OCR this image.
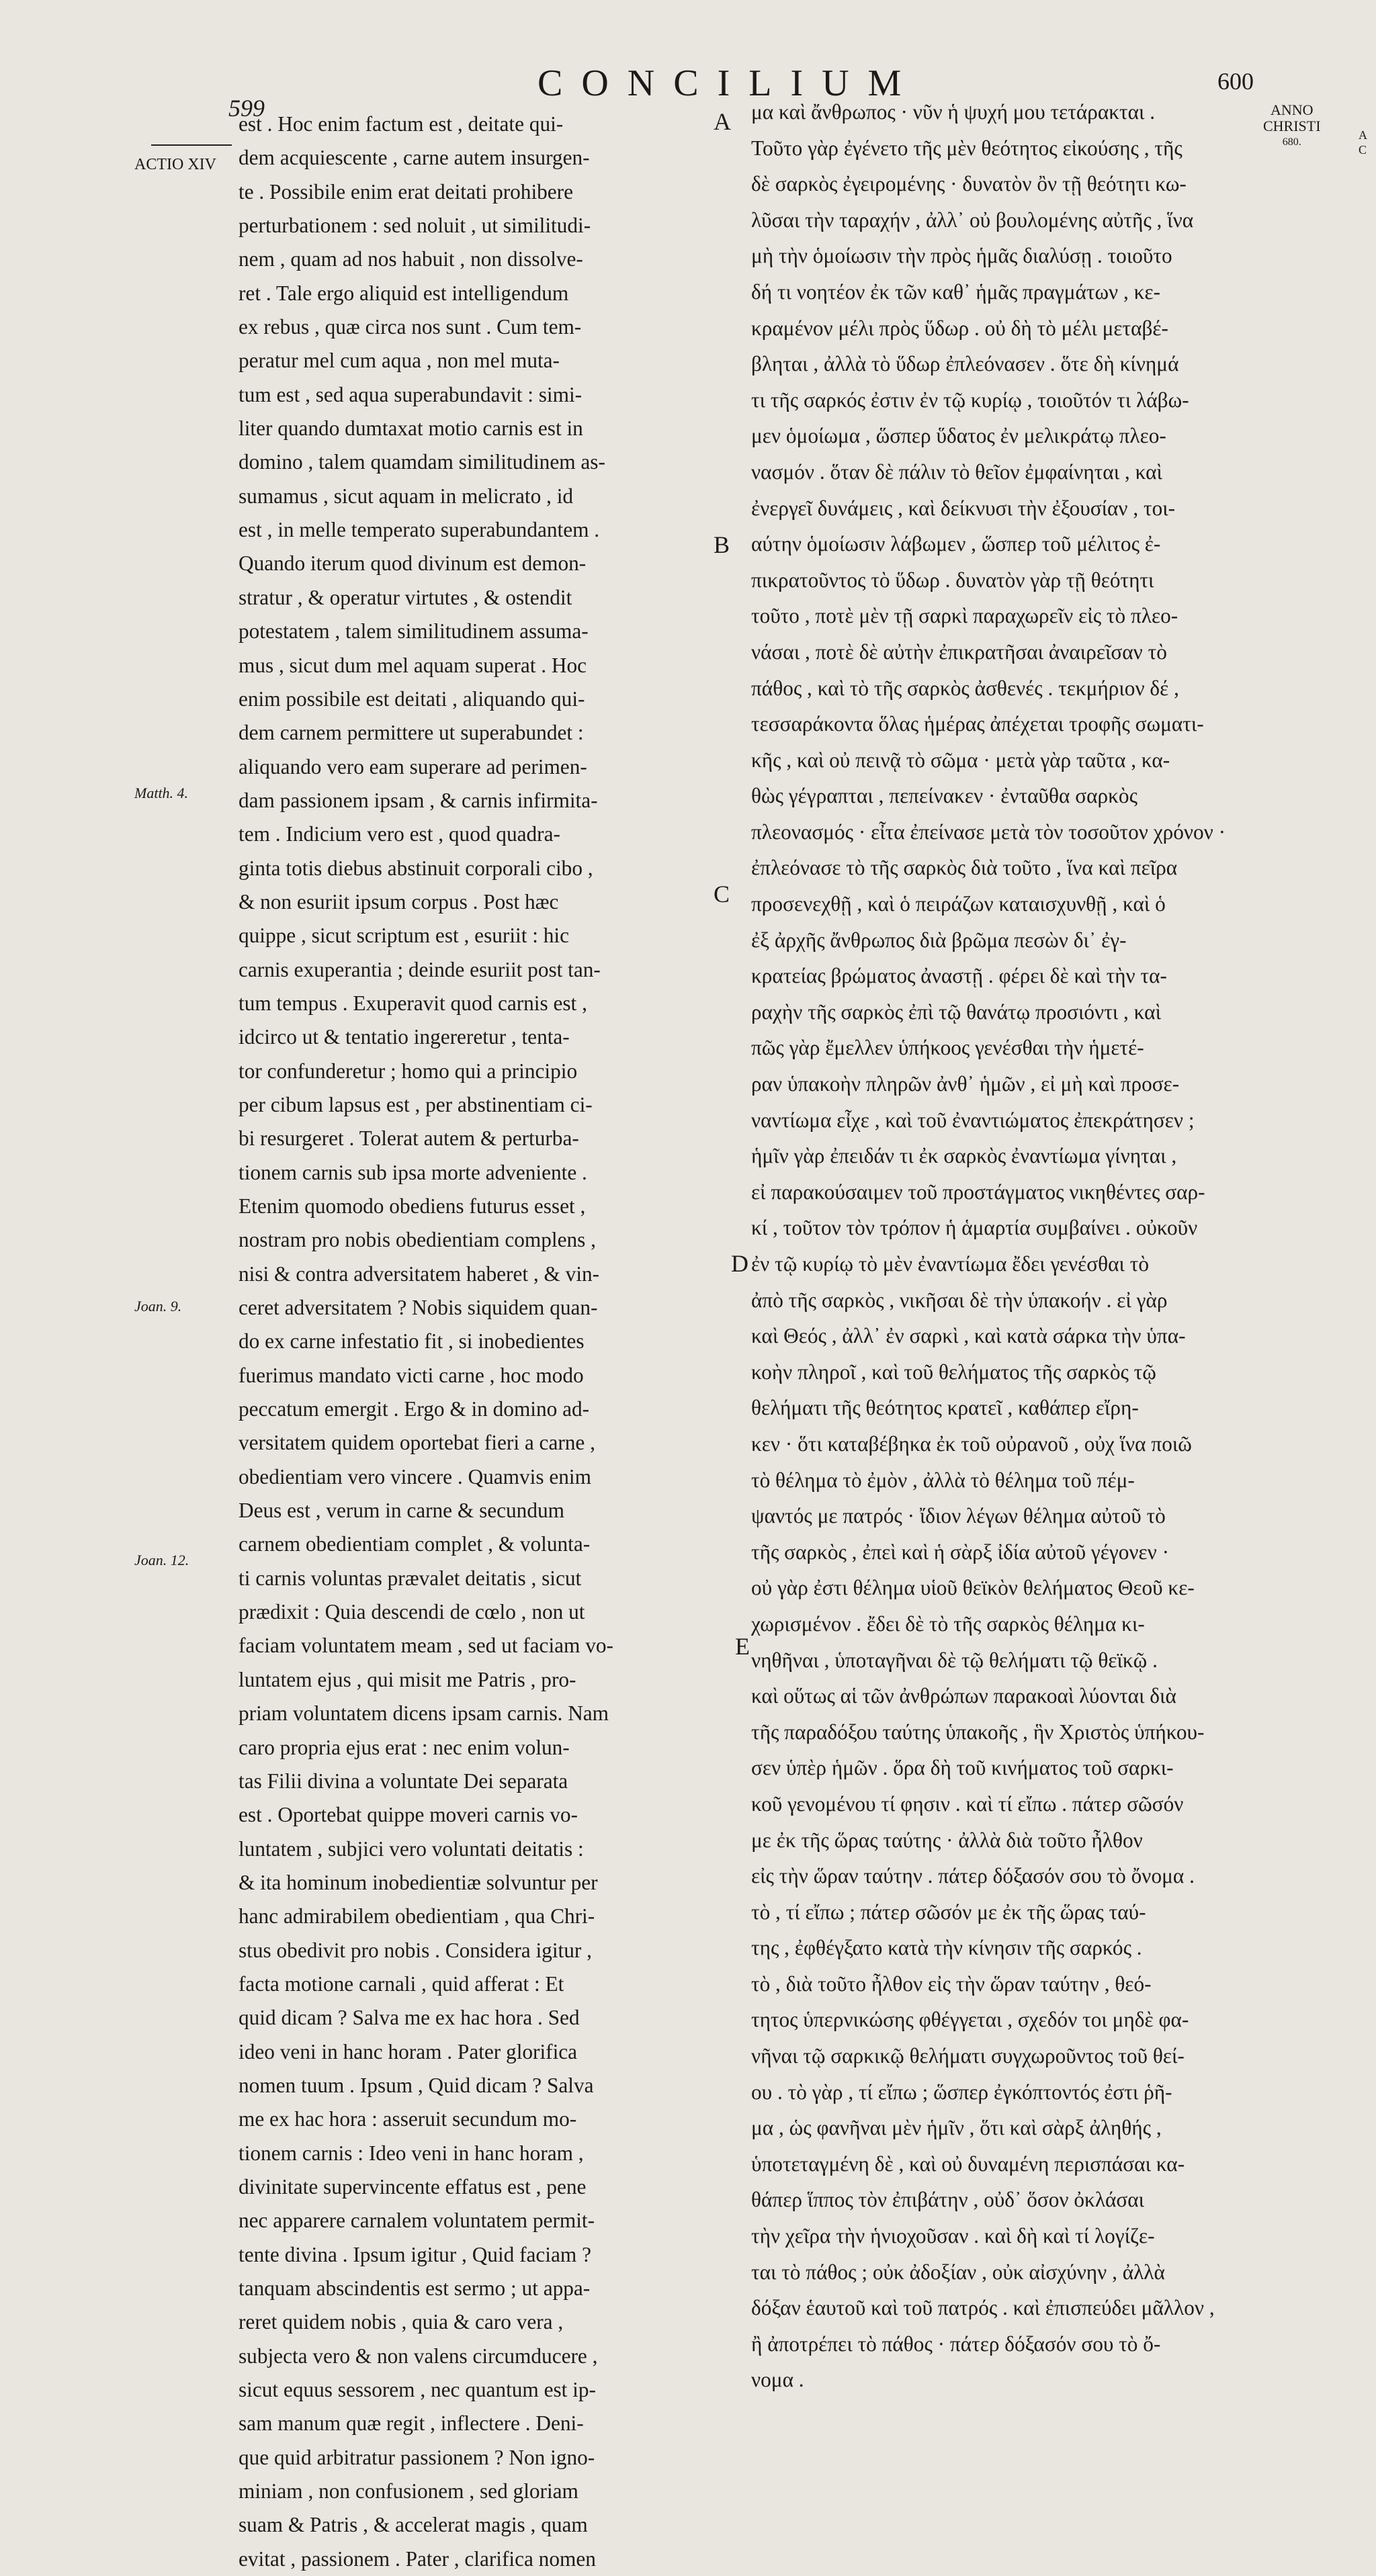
599
CONCILIUM	600
ANNO
CHRISTI
680.
A
C
ACTIO XIV
Matth. 4.
Joan. 9.
Joan. 12.
A
B
C
D
E
est . Hoc enim factum est , deitate qui-
dem acquiescente , carne autem insurgen-
te . Possibile enim erat deitati prohibere
perturbationem : sed noluit , ut similitudi-
nem , quam ad nos habuit , non dissolve-
ret . Tale ergo aliquid est intelligendum
ex rebus , quæ circa nos sunt . Cum tem-
peratur mel cum aqua , non mel muta-
tum est , sed aqua superabundavit : simi-
liter quando dumtaxat motio carnis est in
domino , talem quamdam similitudinem as-
sumamus , sicut aquam in melicrato , id
est , in melle temperato superabundantem .
Quando iterum quod divinum est demon-
stratur , & operatur virtutes , & ostendit
potestatem , talem similitudinem assuma-
mus , sicut dum mel aquam superat . Hoc
enim possibile est deitati , aliquando qui-
dem carnem permittere ut superabundet :
aliquando vero eam superare ad perimen-
dam passionem ipsam , & carnis infirmita-
tem . Indicium vero est , quod quadra-
ginta totis diebus abstinuit corporali cibo ,
& non esuriit ipsum corpus . Post hæc
quippe , sicut scriptum est , esuriit : hic
carnis exuperantia ; deinde esuriit post tan-
tum tempus . Exuperavit quod carnis est ,
idcirco ut & tentatio ingereretur , tenta-
tor confunderetur ; homo qui a principio
per cibum lapsus est , per abstinentiam ci-
bi resurgeret . Tolerat autem & perturba-
tionem carnis sub ipsa morte adveniente .
Etenim quomodo obediens futurus esset ,
nostram pro nobis obedientiam complens ,
nisi & contra adversitatem haberet , & vin-
ceret adversitatem ? Nobis siquidem quan-
do ex carne infestatio fit , si inobedientes
fuerimus mandato victi carne , hoc modo
peccatum emergit . Ergo & in domino ad-
versitatem quidem oportebat fieri a carne ,
obedientiam vero vincere . Quamvis enim
Deus est , verum in carne & secundum
carnem obedientiam complet , & volunta-
ti carnis voluntas prævalet deitatis , sicut
prædixit : Quia descendi de cœlo , non ut
faciam voluntatem meam , sed ut faciam vo-
luntatem ejus , qui misit me Patris , pro-
priam voluntatem dicens ipsam carnis. Nam
caro propria ejus erat : nec enim volun-
tas Filii divina a voluntate Dei separata
est . Oportebat quippe moveri carnis vo-
luntatem , subjici vero voluntati deitatis :
& ita hominum inobedientiæ solvuntur per
hanc admirabilem obedientiam , qua Chri-
stus obedivit pro nobis . Considera igitur ,
facta motione carnali , quid afferat : Et
quid dicam ? Salva me ex hac hora . Sed
ideo veni in hanc horam . Pater glorifica
nomen tuum . Ipsum , Quid dicam ? Salva
me ex hac hora : asseruit secundum mo-
tionem carnis : Ideo veni in hanc horam ,
divinitate supervincente effatus est , pene
nec apparere carnalem voluntatem permit-
tente divina . Ipsum igitur , Quid faciam ?
tanquam abscindentis est sermo ; ut appa-
reret quidem nobis , quia & caro vera ,
subjecta vero & non valens circumducere ,
sicut equus sessorem , nec quantum est ip-
sam manum quæ regit , inflectere . Deni-
que quid arbitratur passionem ? Non igno-
miniam , non confusionem , sed gloriam
suam & Patris , & accelerat magis , quam
evitat , passionem . Pater , clarifica nomen
μα καὶ ἄνθρωπος · νῦν ἡ ψυχή μου τετάρακται .
Τοῦτο γὰρ ἐγένετο τῆς μὲν θεότητος εἰκούσης , τῆς
δὲ σαρκὸς ἐγειρομένης · δυνατὸν ὂν τῇ θεότητι κω-
λῦσαι τὴν ταραχήν , ἀλλ᾿ οὐ βουλομένης αὐτῆς , ἵνα
μὴ τὴν ὁμοίωσιν τὴν πρὸς ἡμᾶς διαλύσῃ . τοιοῦτο
δή τι νοητέον ἐκ τῶν καθ᾿ ἡμᾶς πραγμάτων , κε-
κραμένον μέλι πρὸς ὕδωρ . οὐ δὴ τὸ μέλι μεταβέ-
βληται , ἀλλὰ τὸ ὕδωρ ἐπλεόνασεν . ὅτε δὴ κίνημά
τι τῆς σαρκός ἐστιν ἐν τῷ κυρίῳ , τοιοῦτόν τι λάβω-
μεν ὁμοίωμα , ὥσπερ ὕδατος ἐν μελικράτῳ πλεο-
νασμόν . ὅταν δὲ πάλιν τὸ θεῖον ἐμφαίνηται , καὶ
ἐνεργεῖ δυνάμεις , καὶ δείκνυσι τὴν ἐξουσίαν , τοι-
αύτην ὁμοίωσιν λάβωμεν , ὥσπερ τοῦ μέλιτος ἐ-
πικρατοῦντος τὸ ὕδωρ . δυνατὸν γὰρ τῇ θεότητι
τοῦτο , ποτὲ μὲν τῇ σαρκὶ παραχωρεῖν εἰς τὸ πλεο-
νάσαι , ποτὲ δὲ αὐτὴν ἐπικρατῆσαι ἀναιρεῖσαν τὸ
πάθος , καὶ τὸ τῆς σαρκὸς ἀσθενές . τεκμήριον δέ ,
τεσσαράκοντα ὅλας ἡμέρας ἀπέχεται τροφῆς σωματι-
κῆς , καὶ οὐ πεινᾷ τὸ σῶμα · μετὰ γὰρ ταῦτα , κα-
θὼς γέγραπται , πεπείνακεν · ἐνταῦθα σαρκὸς
πλεονασμός · εἶτα ἐπείνασε μετὰ τὸν τοσοῦτον χρόνον ·
ἐπλεόνασε τὸ τῆς σαρκὸς διὰ τοῦτο , ἵνα καὶ πεῖρα
προσενεχθῇ , καὶ ὁ πειράζων καταισχυνθῇ , καὶ ὁ
ἐξ ἀρχῆς ἄνθρωπος διὰ βρῶμα πεσὼν δι᾿ ἐγ-
κρατείας βρώματος ἀναστῇ . φέρει δὲ καὶ τὴν τα-
ραχὴν τῆς σαρκὸς ἐπὶ τῷ θανάτῳ προσιόντι , καὶ
πῶς γὰρ ἔμελλεν ὑπήκοος γενέσθαι τὴν ἡμετέ-
ραν ὑπακοὴν πληρῶν ἀνθ᾿ ἡμῶν , εἰ μὴ καὶ προσε-
ναντίωμα εἶχε , καὶ τοῦ ἐναντιώματος ἐπεκράτησεν ;
ἡμῖν γὰρ ἐπειδάν τι ἐκ σαρκὸς ἐναντίωμα γίνηται ,
εἰ παρακούσαιμεν τοῦ προστάγματος νικηθέντες σαρ-
κί , τοῦτον τὸν τρόπον ἡ ἁμαρτία συμβαίνει . οὐκοῦν
ἐν τῷ κυρίῳ τὸ μὲν ἐναντίωμα ἔδει γενέσθαι τὸ
ἀπὸ τῆς σαρκὸς , νικῆσαι δὲ τὴν ὑπακοήν . εἰ γὰρ
καὶ Θεός , ἀλλ᾿ ἐν σαρκὶ , καὶ κατὰ σάρκα τὴν ὑπα-
κοὴν πληροῖ , καὶ τοῦ θελήματος τῆς σαρκὸς τῷ
θελήματι τῆς θεότητος κρατεῖ , καθάπερ εἴρη-
κεν · ὅτι καταβέβηκα ἐκ τοῦ οὐρανοῦ , οὐχ ἵνα ποιῶ
τὸ θέλημα τὸ ἐμὸν , ἀλλὰ τὸ θέλημα τοῦ πέμ-
ψαντός με πατρός · ἴδιον λέγων θέλημα αὐτοῦ τὸ
τῆς σαρκὸς , ἐπεὶ καὶ ἡ σὰρξ ἰδία αὐτοῦ γέγονεν ·
οὐ γὰρ ἐστι θέλημα υἱοῦ θεϊκὸν θελήματος Θεοῦ κε-
χωρισμένον . ἔδει δὲ τὸ τῆς σαρκὸς θέλημα κι-
νηθῆναι , ὑποταγῆναι δὲ τῷ θελήματι τῷ θεϊκῷ .
καὶ οὕτως αἱ τῶν ἀνθρώπων παρακοαὶ λύονται διὰ
τῆς παραδόξου ταύτης ὑπακοῆς , ἣν Χριστὸς ὑπήκου-
σεν ὑπὲρ ἡμῶν . ὅρα δὴ τοῦ κινήματος τοῦ σαρκι-
κοῦ γενομένου τί φησιν . καὶ τί εἴπω . πάτερ σῶσόν
με ἐκ τῆς ὥρας ταύτης · ἀλλὰ διὰ τοῦτο ἦλθον
εἰς τὴν ὥραν ταύτην . πάτερ δόξασόν σου τὸ ὄνομα .
τὸ , τί εἴπω ; πάτερ σῶσόν με ἐκ τῆς ὥρας ταύ-
της , ἐφθέγξατο κατὰ τὴν κίνησιν τῆς σαρκός .
τὸ , διὰ τοῦτο ἦλθον εἰς τὴν ὥραν ταύτην , θεό-
τητος ὑπερνικώσης φθέγγεται , σχεδόν τοι μηδὲ φα-
νῆναι τῷ σαρκικῷ θελήματι συγχωροῦντος τοῦ θεί-
ου . τὸ γὰρ , τί εἴπω ; ὥσπερ ἐγκόπτοντός ἐστι ῥῆ-
μα , ὡς φανῆναι μὲν ἡμῖν , ὅτι καὶ σὰρξ ἀληθής ,
ὑποτεταγμένη δὲ , καὶ οὐ δυναμένη περισπάσαι κα-
θάπερ ἵππος τὸν ἐπιβάτην , οὐδ᾿ ὅσον ὀκλάσαι
τὴν χεῖρα τὴν ἡνιοχοῦσαν . καὶ δὴ καὶ τί λογίζε-
ται τὸ πάθος ; οὐκ ἀδοξίαν , οὐκ αἰσχύνην , ἀλλὰ
δόξαν ἑαυτοῦ καὶ τοῦ πατρός . καὶ ἐπισπεύδει μᾶλλον ,
ἢ ἀποτρέπει τὸ πάθος · πάτερ δόξασόν σου τὸ ὄ-
νομα .
